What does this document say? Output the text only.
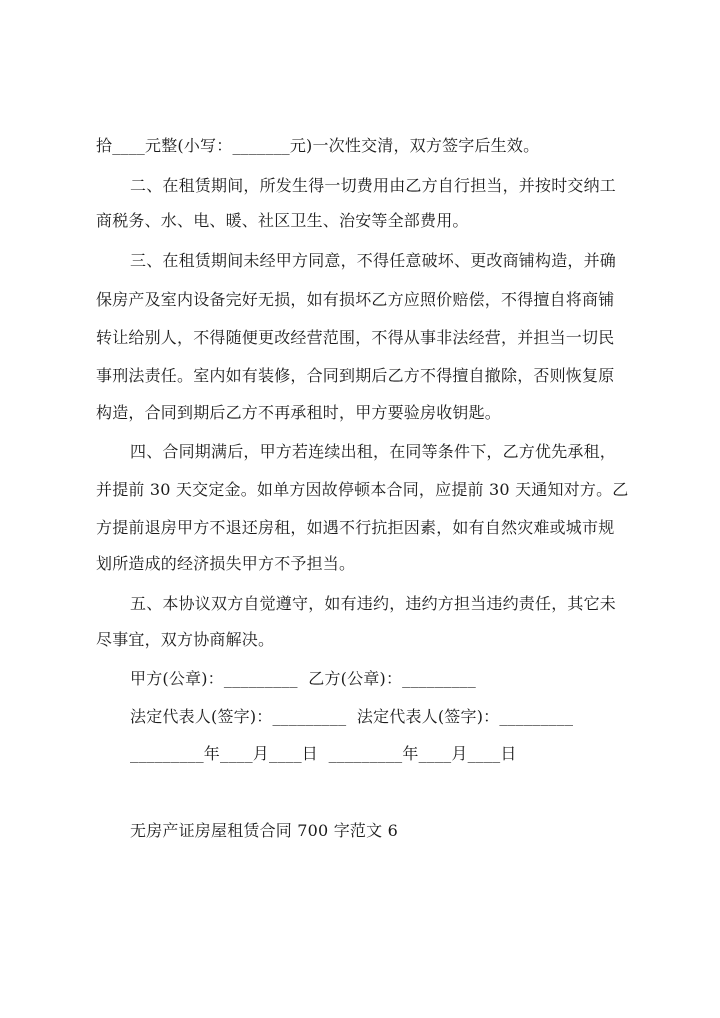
拾____元整(小写：_______元)一次性交清，双方签字后生效。
二、在租赁期间，所发生得一切费用由乙方自行担当，并按时交纳工
商税务、水、电、暖、社区卫生、治安等全部费用。
三、在租赁期间未经甲方同意，不得任意破坏、更改商铺构造，并确
保房产及室内设备完好无损，如有损坏乙方应照价赔偿，不得擅自将商铺
转让给别人，不得随便更改经营范围，不得从事非法经营，并担当一切民
事刑法责任。室内如有装修，合同到期后乙方不得擅自撤除，否则恢复原
构造，合同到期后乙方不再承租时，甲方要验房收钥匙。
四、合同期满后，甲方若连续出租，在同等条件下，乙方优先承租，
并提前 30 天交定金。如单方因故停顿本合同，应提前 30 天通知对方。乙
方提前退房甲方不退还房租，如遇不行抗拒因素，如有自然灾难或城市规
划所造成的经济损失甲方不予担当。
五、本协议双方自觉遵守，如有违约，违约方担当违约责任，其它未
尽事宜，双方协商解决。
甲方(公章)：_________  乙方(公章)：_________
法定代表人(签字)：_________  法定代表人(签字)：_________
_________年____月____日  _________年____月____日
无房产证房屋租赁合同 700 字范文 6
